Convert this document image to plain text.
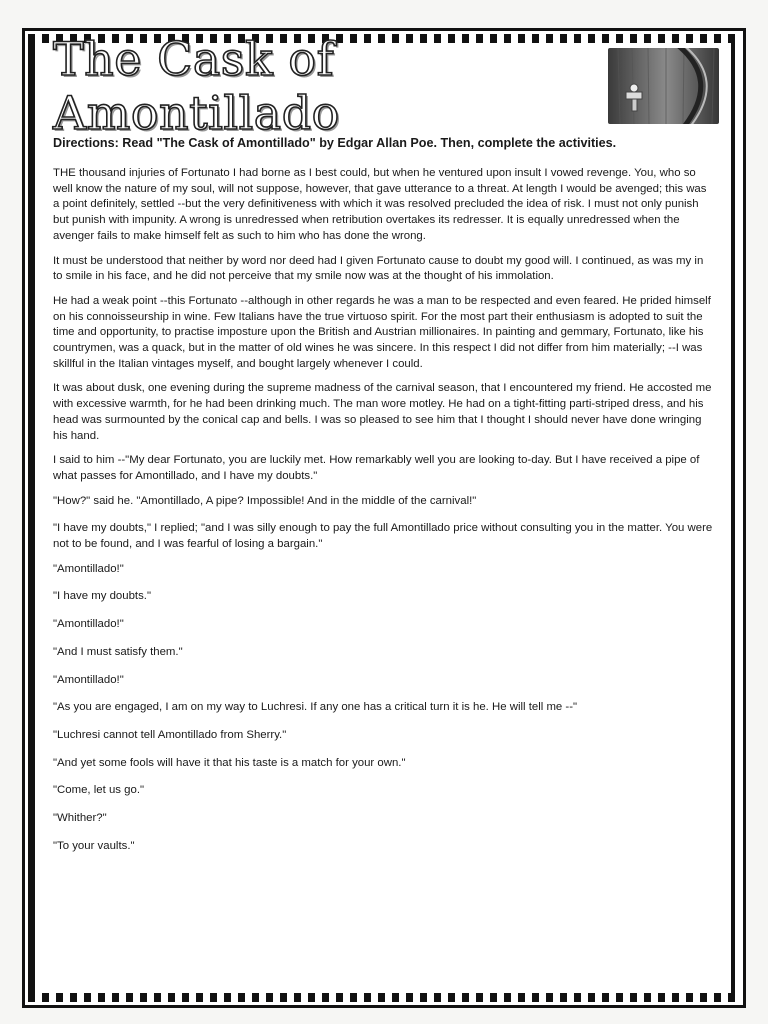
The Cask of Amontillado
Directions: Read "The Cask of Amontillado" by Edgar Allan Poe. Then, complete the activities.

THE thousand injuries of Fortunato I had borne as I best could, but when he ventured upon insult I vowed revenge. You, who so well know the nature of my soul, will not suppose, however, that gave utterance to a threat. At length I would be avenged; this was a point definitely, settled --but the very definitiveness with which it was resolved precluded the idea of risk. I must not only punish but punish with impunity. A wrong is unredressed when retribution overtakes its redresser. It is equally unredressed when the avenger fails to make himself felt as such to him who has done the wrong.

It must be understood that neither by word nor deed had I given Fortunato cause to doubt my good will. I continued, as was my in to smile in his face, and he did not perceive that my smile now was at the thought of his immolation.

He had a weak point --this Fortunato --although in other regards he was a man to be respected and even feared. He prided himself on his connoisseurship in wine. Few Italians have the true virtuoso spirit. For the most part their enthusiasm is adopted to suit the time and opportunity, to practise imposture upon the British and Austrian millionaires. In painting and gemmary, Fortunato, like his countrymen, was a quack, but in the matter of old wines he was sincere. In this respect I did not differ from him materially; --I was skillful in the Italian vintages myself, and bought largely whenever I could.

It was about dusk, one evening during the supreme madness of the carnival season, that I encountered my friend. He accosted me with excessive warmth, for he had been drinking much. The man wore motley. He had on a tight-fitting parti-striped dress, and his head was surmounted by the conical cap and bells. I was so pleased to see him that I thought I should never have done wringing his hand.

I said to him --"My dear Fortunato, you are luckily met. How remarkably well you are looking to-day. But I have received a pipe of what passes for Amontillado, and I have my doubts."

"How?" said he. "Amontillado, A pipe? Impossible! And in the middle of the carnival!"

"I have my doubts," I replied; "and I was silly enough to pay the full Amontillado price without consulting you in the matter. You were not to be found, and I was fearful of losing a bargain."

"Amontillado!"

"I have my doubts."

"Amontillado!"

"And I must satisfy them."

"Amontillado!"

"As you are engaged, I am on my way to Luchresi. If any one has a critical turn it is he. He will tell me --"

"Luchresi cannot tell Amontillado from Sherry."

"And yet some fools will have it that his taste is a match for your own."

"Come, let us go."

"Whither?"

"To your vaults."
